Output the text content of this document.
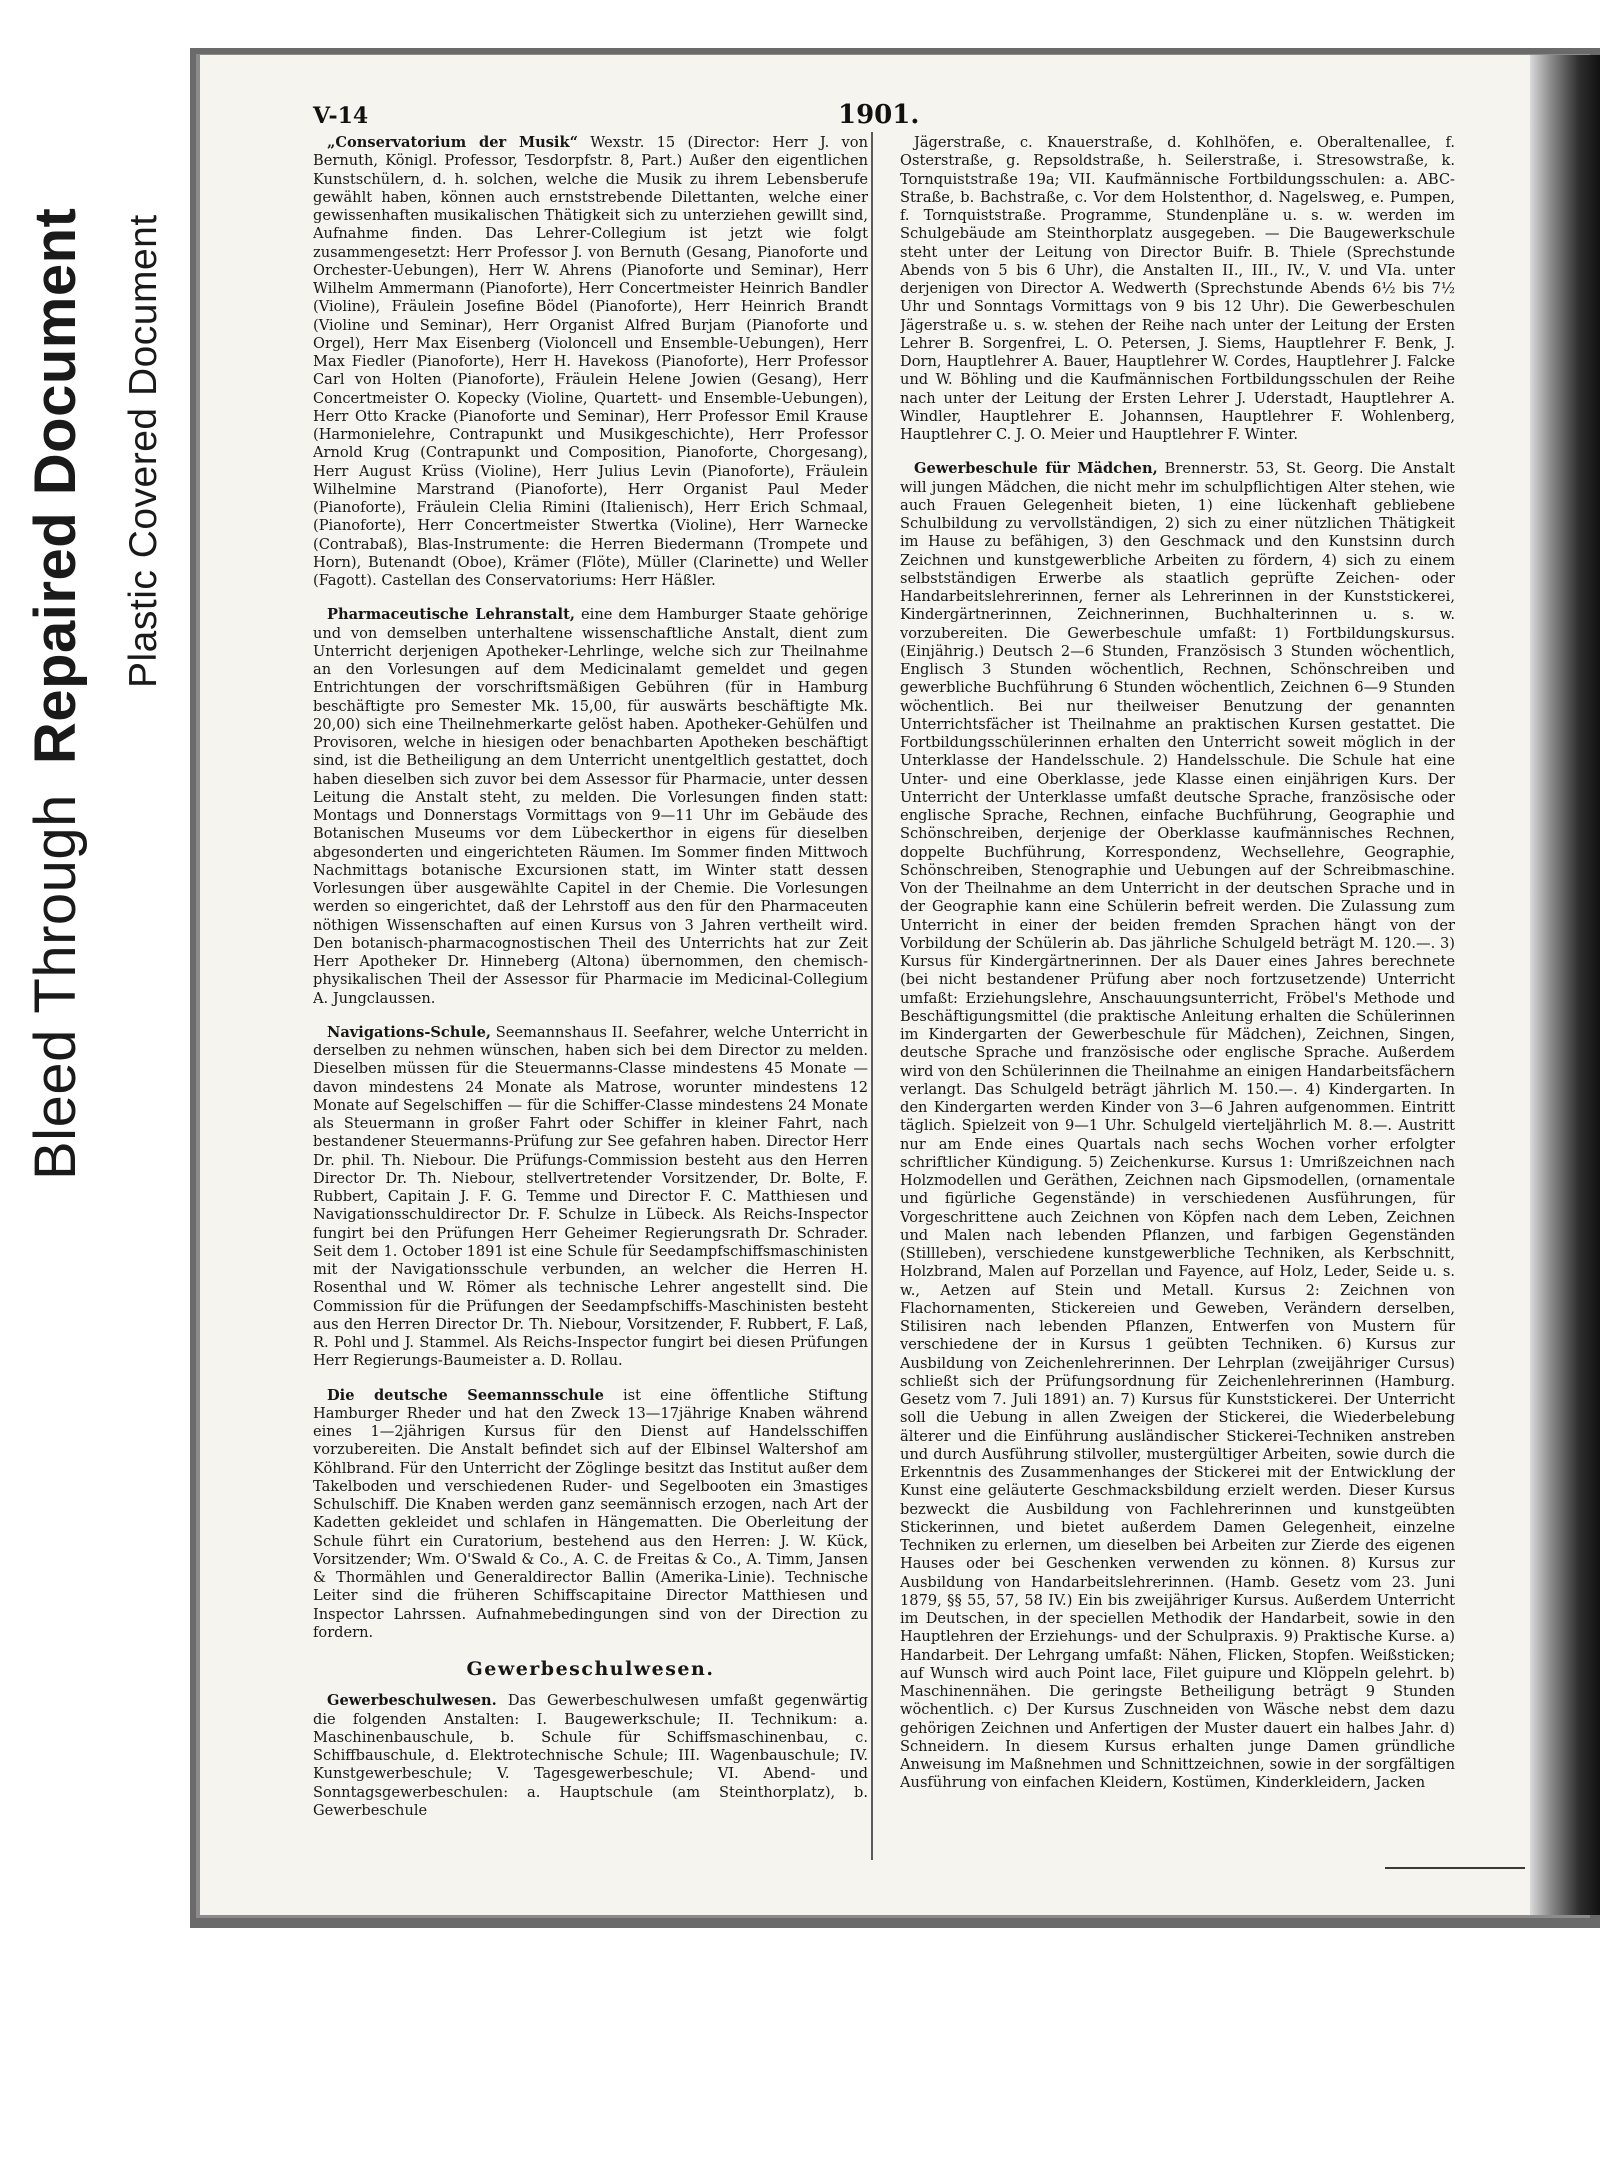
Bleed ThroughRepaired Document Plastic Covered Document
V-14	1901.

„Conservatorium der Musik“ Wexstr. 15 (Director: Herr J. von Bernuth, Königl. Professor, Tesdorpfstr. 8, Part.) Außer den eigentlichen Kunstschülern, d. h. solchen, welche die Musik zu ihrem Lebensberufe gewählt haben, können auch ernststrebende Dilettanten, welche einer gewissenhaften musikalischen Thätigkeit sich zu unterziehen gewillt sind, Aufnahme finden. Das Lehrer-Collegium ist jetzt wie folgt zusammengesetzt: Herr Professor J. von Bernuth (Gesang, Pianoforte und Orchester-Uebungen), Herr W. Ahrens (Pianoforte und Seminar), Herr Wilhelm Ammermann (Pianoforte), Herr Concertmeister Heinrich Bandler (Violine), Fräulein Josefine Bödel (Pianoforte), Herr Heinrich Brandt (Violine und Seminar), Herr Organist Alfred Burjam (Pianoforte und Orgel), Herr Max Eisenberg (Violoncell und Ensemble-Uebungen), Herr Max Fiedler (Pianoforte), Herr H. Havekoss (Pianoforte), Herr Professor Carl von Holten (Pianoforte), Fräulein Helene Jowien (Gesang), Herr Concertmeister O. Kopecky (Violine, Quartett- und Ensemble-Uebungen), Herr Otto Kracke (Pianoforte und Seminar), Herr Professor Emil Krause (Harmonielehre, Contrapunkt und Musikgeschichte), Herr Professor Arnold Krug (Contrapunkt und Composition, Pianoforte, Chorgesang), Herr August Krüss (Violine), Herr Julius Levin (Pianoforte), Fräulein Wilhelmine Marstrand (Pianoforte), Herr Organist Paul Meder (Pianoforte), Fräulein Clelia Rimini (Italienisch), Herr Erich Schmaal, (Pianoforte), Herr Concertmeister Stwertka (Violine), Herr Warnecke (Contrabaß), Blas-Instrumente: die Herren Biedermann (Trompete und Horn), Butenandt (Oboe), Krämer (Flöte), Müller (Clarinette) und Weller (Fagott). Castellan des Conservatoriums: Herr Häßler.

Pharmaceutische Lehranstalt, eine dem Hamburger Staate gehörige und von demselben unterhaltene wissenschaftliche Anstalt, dient zum Unterricht derjenigen Apotheker-Lehrlinge, welche sich zur Theilnahme an den Vorlesungen auf dem Medicinalamt gemeldet und gegen Entrichtungen der vorschriftsmäßigen Gebühren (für in Hamburg beschäftigte pro Semester Mk. 15,00, für auswärts beschäftigte Mk. 20,00) sich eine Theilnehmerkarte gelöst haben. Apotheker-Gehülfen und Provisoren, welche in hiesigen oder benachbarten Apotheken beschäftigt sind, ist die Betheiligung an dem Unterricht unentgeltlich gestattet, doch haben dieselben sich zuvor bei dem Assessor für Pharmacie, unter dessen Leitung die Anstalt steht, zu melden. Die Vorlesungen finden statt: Montags und Donnerstags Vormittags von 9—11 Uhr im Gebäude des Botanischen Museums vor dem Lübeckerthor in eigens für dieselben abgesonderten und eingerichteten Räumen. Im Sommer finden Mittwoch Nachmittags botanische Excursionen statt, im Winter statt dessen Vorlesungen über ausgewählte Capitel in der Chemie. Die Vorlesungen werden so eingerichtet, daß der Lehrstoff aus den für den Pharmaceuten nöthigen Wissenschaften auf einen Kursus von 3 Jahren vertheilt wird. Den botanisch-pharmacognostischen Theil des Unterrichts hat zur Zeit Herr Apotheker Dr. Hinneberg (Altona) übernommen, den chemisch-physikalischen Theil der Assessor für Pharmacie im Medicinal-Collegium A. Jungclaussen.

Navigations-Schule, Seemannshaus II. Seefahrer, welche Unterricht in derselben zu nehmen wünschen, haben sich bei dem Director zu melden. Dieselben müssen für die Steuermanns-Classe mindestens 45 Monate — davon mindestens 24 Monate als Matrose, worunter mindestens 12 Monate auf Segelschiffen — für die Schiffer-Classe mindestens 24 Monate als Steuermann in großer Fahrt oder Schiffer in kleiner Fahrt, nach bestandener Steuermanns-Prüfung zur See gefahren haben. Director Herr Dr. phil. Th. Niebour. Die Prüfungs-Commission besteht aus den Herren Director Dr. Th. Niebour, stellvertretender Vorsitzender, Dr. Bolte, F. Rubbert, Capitain J. F. G. Temme und Director F. C. Matthiesen und Navigationsschuldirector Dr. F. Schulze in Lübeck. Als Reichs-Inspector fungirt bei den Prüfungen Herr Geheimer Regierungsrath Dr. Schrader. Seit dem 1. October 1891 ist eine Schule für Seedampfschiffsmaschinisten mit der Navigationsschule verbunden, an welcher die Herren H. Rosenthal und W. Römer als technische Lehrer angestellt sind. Die Commission für die Prüfungen der Seedampfschiffs-Maschinisten besteht aus den Herren Director Dr. Th. Niebour, Vorsitzender, F. Rubbert, F. Laß, R. Pohl und J. Stammel. Als Reichs-Inspector fungirt bei diesen Prüfungen Herr Regierungs-Baumeister a. D. Rollau.

Die deutsche Seemannsschule ist eine öffentliche Stiftung Hamburger Rheder und hat den Zweck 13—17jährige Knaben während eines 1—2jährigen Kursus für den Dienst auf Handelsschiffen vorzubereiten. Die Anstalt befindet sich auf der Elbinsel Waltershof am Köhlbrand. Für den Unterricht der Zöglinge besitzt das Institut außer dem Takelboden und verschiedenen Ruder- und Segelbooten ein 3mastiges Schulschiff. Die Knaben werden ganz seemännisch erzogen, nach Art der Kadetten gekleidet und schlafen in Hängematten. Die Oberleitung der Schule führt ein Curatorium, bestehend aus den Herren: J. W. Kück, Vorsitzender; Wm. O'Swald & Co., A. C. de Freitas & Co., A. Timm, Jansen & Thormählen und Generaldirector Ballin (Amerika-Linie). Technische Leiter sind die früheren Schiffscapitaine Director Matthiesen und Inspector Lahrssen. Aufnahmebedingungen sind von der Direction zu fordern.

Gewerbeschulwesen.

Gewerbeschulwesen. Das Gewerbeschulwesen umfaßt gegenwärtig die folgenden Anstalten: I. Baugewerkschule; II. Technikum: a. Maschinenbauschule, b. Schule für Schiffsmaschinenbau, c. Schiffbauschule, d. Elektrotechnische Schule; III. Wagenbauschule; IV. Kunstgewerbeschule; V. Tagesgewerbeschule; VI. Abend- und Sonntagsgewerbeschulen: a. Hauptschule (am Steinthorplatz), b. Gewerbeschule

Jägerstraße, c. Knauerstraße, d. Kohlhöfen, e. Oberaltenallee, f. Osterstraße, g. Repsoldstraße, h. Seilerstraße, i. Stresowstraße, k. Tornquiststraße 19a; VII. Kaufmännische Fortbildungsschulen: a. ABC-Straße, b. Bachstraße, c. Vor dem Holstenthor, d. Nagelsweg, e. Pumpen, f. Tornquiststraße. Programme, Stundenpläne u. s. w. werden im Schulgebäude am Steinthorplatz ausgegeben. — Die Baugewerkschule steht unter der Leitung von Director Buifr. B. Thiele (Sprechstunde Abends von 5 bis 6 Uhr), die Anstalten II., III., IV., V. und VIa. unter derjenigen von Director A. Wedwerth (Sprechstunde Abends 6½ bis 7½ Uhr und Sonntags Vormittags von 9 bis 12 Uhr). Die Gewerbeschulen Jägerstraße u. s. w. stehen der Reihe nach unter der Leitung der Ersten Lehrer B. Sorgenfrei, L. O. Petersen, J. Siems, Hauptlehrer F. Benk, J. Dorn, Hauptlehrer A. Bauer, Hauptlehrer W. Cordes, Hauptlehrer J. Falcke und W. Böhling und die Kaufmännischen Fortbildungsschulen der Reihe nach unter der Leitung der Ersten Lehrer J. Uderstadt, Hauptlehrer A. Windler, Hauptlehrer E. Johannsen, Hauptlehrer F. Wohlenberg, Hauptlehrer C. J. O. Meier und Hauptlehrer F. Winter.

Gewerbeschule für Mädchen, Brennerstr. 53, St. Georg. Die Anstalt will jungen Mädchen, die nicht mehr im schulpflichtigen Alter stehen, wie auch Frauen Gelegenheit bieten, 1) eine lückenhaft gebliebene Schulbildung zu vervollständigen, 2) sich zu einer nützlichen Thätigkeit im Hause zu befähigen, 3) den Geschmack und den Kunstsinn durch Zeichnen und kunstgewerbliche Arbeiten zu fördern, 4) sich zu einem selbstständigen Erwerbe als staatlich geprüfte Zeichen- oder Handarbeitslehrerinnen, ferner als Lehrerinnen in der Kunststickerei, Kindergärtnerinnen, Zeichnerinnen, Buchhalterinnen u. s. w. vorzubereiten. Die Gewerbeschule umfaßt: 1) Fortbildungskursus. (Einjährig.) Deutsch 2—6 Stunden, Französisch 3 Stunden wöchentlich, Englisch 3 Stunden wöchentlich, Rechnen, Schönschreiben und gewerbliche Buchführung 6 Stunden wöchentlich, Zeichnen 6—9 Stunden wöchentlich. Bei nur theilweiser Benutzung der genannten Unterrichtsfächer ist Theilnahme an praktischen Kursen gestattet. Die Fortbildungsschülerinnen erhalten den Unterricht soweit möglich in der Unterklasse der Handelsschule. 2) Handelsschule. Die Schule hat eine Unter- und eine Oberklasse, jede Klasse einen einjährigen Kurs. Der Unterricht der Unterklasse umfaßt deutsche Sprache, französische oder englische Sprache, Rechnen, einfache Buchführung, Geographie und Schönschreiben, derjenige der Oberklasse kaufmännisches Rechnen, doppelte Buchführung, Korrespondenz, Wechsellehre, Geographie, Schönschreiben, Stenographie und Uebungen auf der Schreibmaschine. Von der Theilnahme an dem Unterricht in der deutschen Sprache und in der Geographie kann eine Schülerin befreit werden. Die Zulassung zum Unterricht in einer der beiden fremden Sprachen hängt von der Vorbildung der Schülerin ab. Das jährliche Schulgeld beträgt M. 120.—. 3) Kursus für Kindergärtnerinnen. Der als Dauer eines Jahres berechnete (bei nicht bestandener Prüfung aber noch fortzusetzende) Unterricht umfaßt: Erziehungslehre, Anschauungsunterricht, Fröbel's Methode und Beschäftigungsmittel (die praktische Anleitung erhalten die Schülerinnen im Kindergarten der Gewerbeschule für Mädchen), Zeichnen, Singen, deutsche Sprache und französische oder englische Sprache. Außerdem wird von den Schülerinnen die Theilnahme an einigen Handarbeitsfächern verlangt. Das Schulgeld beträgt jährlich M. 150.—. 4) Kindergarten. In den Kindergarten werden Kinder von 3—6 Jahren aufgenommen. Eintritt täglich. Spielzeit von 9—1 Uhr. Schulgeld vierteljährlich M. 8.—. Austritt nur am Ende eines Quartals nach sechs Wochen vorher erfolgter schriftlicher Kündigung. 5) Zeichenkurse. Kursus 1: Umrißzeichnen nach Holzmodellen und Geräthen, Zeichnen nach Gipsmodellen, (ornamentale und figürliche Gegenstände) in verschiedenen Ausführungen, für Vorgeschrittene auch Zeichnen von Köpfen nach dem Leben, Zeichnen und Malen nach lebenden Pflanzen, und farbigen Gegenständen (Stillleben), verschiedene kunstgewerbliche Techniken, als Kerbschnitt, Holzbrand, Malen auf Porzellan und Fayence, auf Holz, Leder, Seide u. s. w., Aetzen auf Stein und Metall. Kursus 2: Zeichnen von Flachornamenten, Stickereien und Geweben, Verändern derselben, Stilisiren nach lebenden Pflanzen, Entwerfen von Mustern für verschiedene der in Kursus 1 geübten Techniken. 6) Kursus zur Ausbildung von Zeichenlehrerinnen. Der Lehrplan (zweijähriger Cursus) schließt sich der Prüfungsordnung für Zeichenlehrerinnen (Hamburg. Gesetz vom 7. Juli 1891) an. 7) Kursus für Kunststickerei. Der Unterricht soll die Uebung in allen Zweigen der Stickerei, die Wiederbelebung älterer und die Einführung ausländischer Stickerei-Techniken anstreben und durch Ausführung stilvoller, mustergültiger Arbeiten, sowie durch die Erkenntnis des Zusammenhanges der Stickerei mit der Entwicklung der Kunst eine geläuterte Geschmacksbildung erzielt werden. Dieser Kursus bezweckt die Ausbildung von Fachlehrerinnen und kunstgeübten Stickerinnen, und bietet außerdem Damen Gelegenheit, einzelne Techniken zu erlernen, um dieselben bei Arbeiten zur Zierde des eigenen Hauses oder bei Geschenken verwenden zu können. 8) Kursus zur Ausbildung von Handarbeitslehrerinnen. (Hamb. Gesetz vom 23. Juni 1879, §§ 55, 57, 58 IV.) Ein bis zweijähriger Kursus. Außerdem Unterricht im Deutschen, in der speciellen Methodik der Handarbeit, sowie in den Hauptlehren der Erziehungs- und der Schulpraxis. 9) Praktische Kurse. a) Handarbeit. Der Lehrgang umfaßt: Nähen, Flicken, Stopfen. Weißsticken; auf Wunsch wird auch Point lace, Filet guipure und Klöppeln gelehrt. b) Maschinennähen. Die geringste Betheiligung beträgt 9 Stunden wöchentlich. c) Der Kursus Zuschneiden von Wäsche nebst dem dazu gehörigen Zeichnen und Anfertigen der Muster dauert ein halbes Jahr. d) Schneidern. In diesem Kursus erhalten junge Damen gründliche Anweisung im Maßnehmen und Schnittzeichnen, sowie in der sorgfältigen Ausführung von einfachen Kleidern, Kostümen, Kinderkleidern, Jacken
